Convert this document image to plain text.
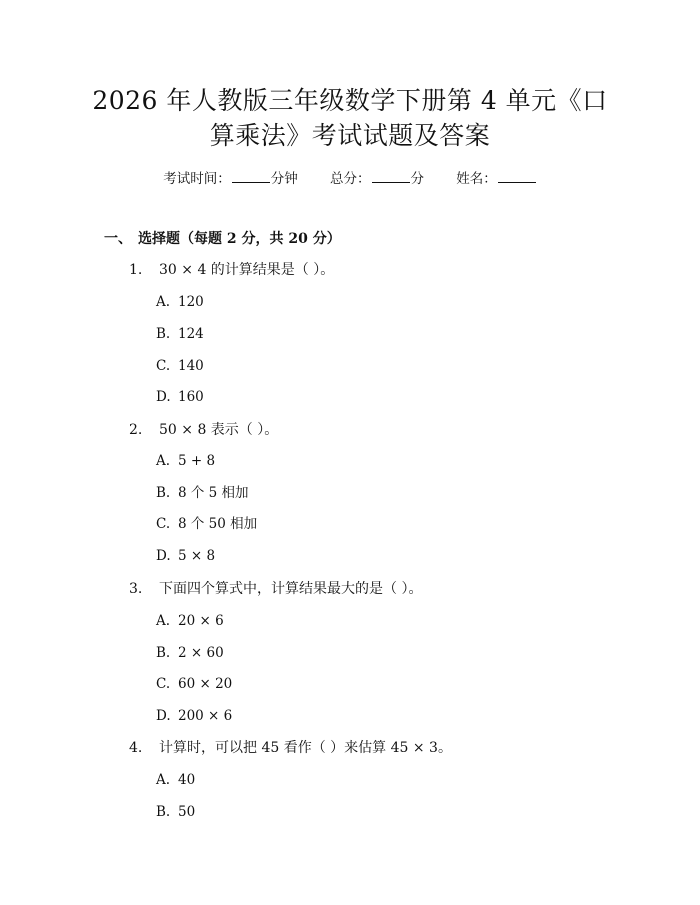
2026 年人教版三年级数学下册第 4 单元《口
算乘法》考试试题及答案
考试时间：	分钟 总分：	分 姓名：
一、 选择题（每题 2 分，共 20 分）
1. 30 × 4 的计算结果是（ ）。
A. 120
B. 124
C. 140
D. 160
2. 50 × 8 表示（ ）。
A. 5 + 8
B. 8 个 5 相加
C. 8 个 50 相加
D. 5 × 8
3. 下面四个算式中，计算结果最大的是（ ）。
A. 20 × 6
B. 2 × 60
C. 60 × 20
D. 200 × 6
4. 计算时，可以把 45 看作（ ）来估算 45 × 3。
A. 40
B. 50
